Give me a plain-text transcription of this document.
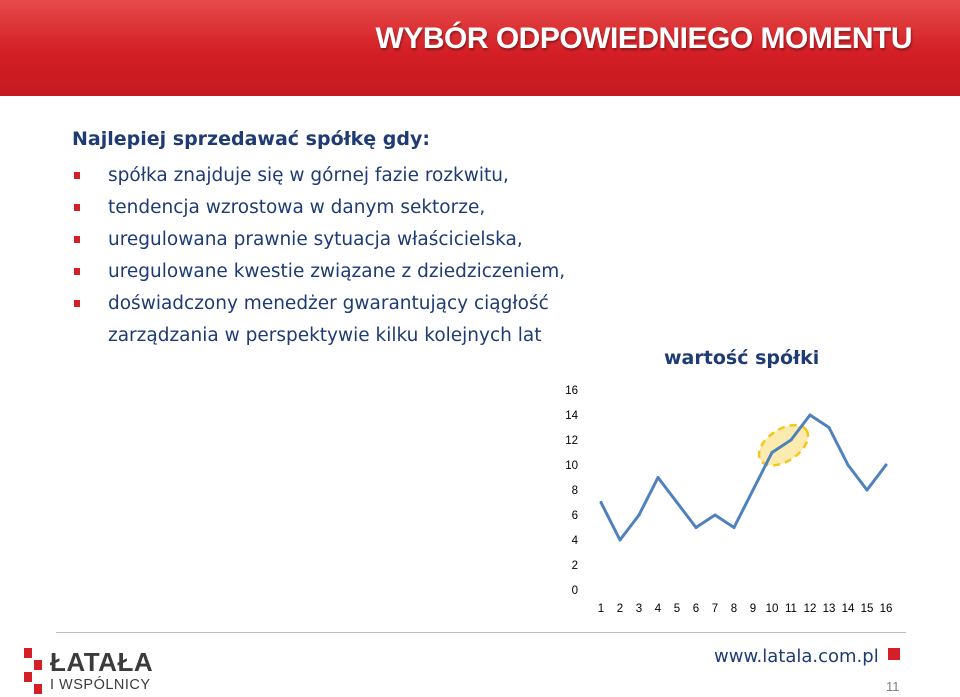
WYBÓR ODPOWIEDNIEGO MOMENTU
Najlepiej sprzedawać spółkę gdy:
spółka znajduje się w górnej fazie rozkwitu,
tendencja wzrostowa w danym sektorze,
uregulowana prawnie sytuacja właścicielska,
uregulowane kwestie związane z dziedziczeniem,
doświadczony menedżer gwarantujący ciągłość zarządzania w perspektywie kilku kolejnych lat
wartość spółki
0
2
4
6
8
10
12
14
16
1 2 3 4 5 6 7 8 9 10 11 12 13 14 15 16
ŁATAŁA
I WSPÓLNICY
www.latala.com.pl
11
